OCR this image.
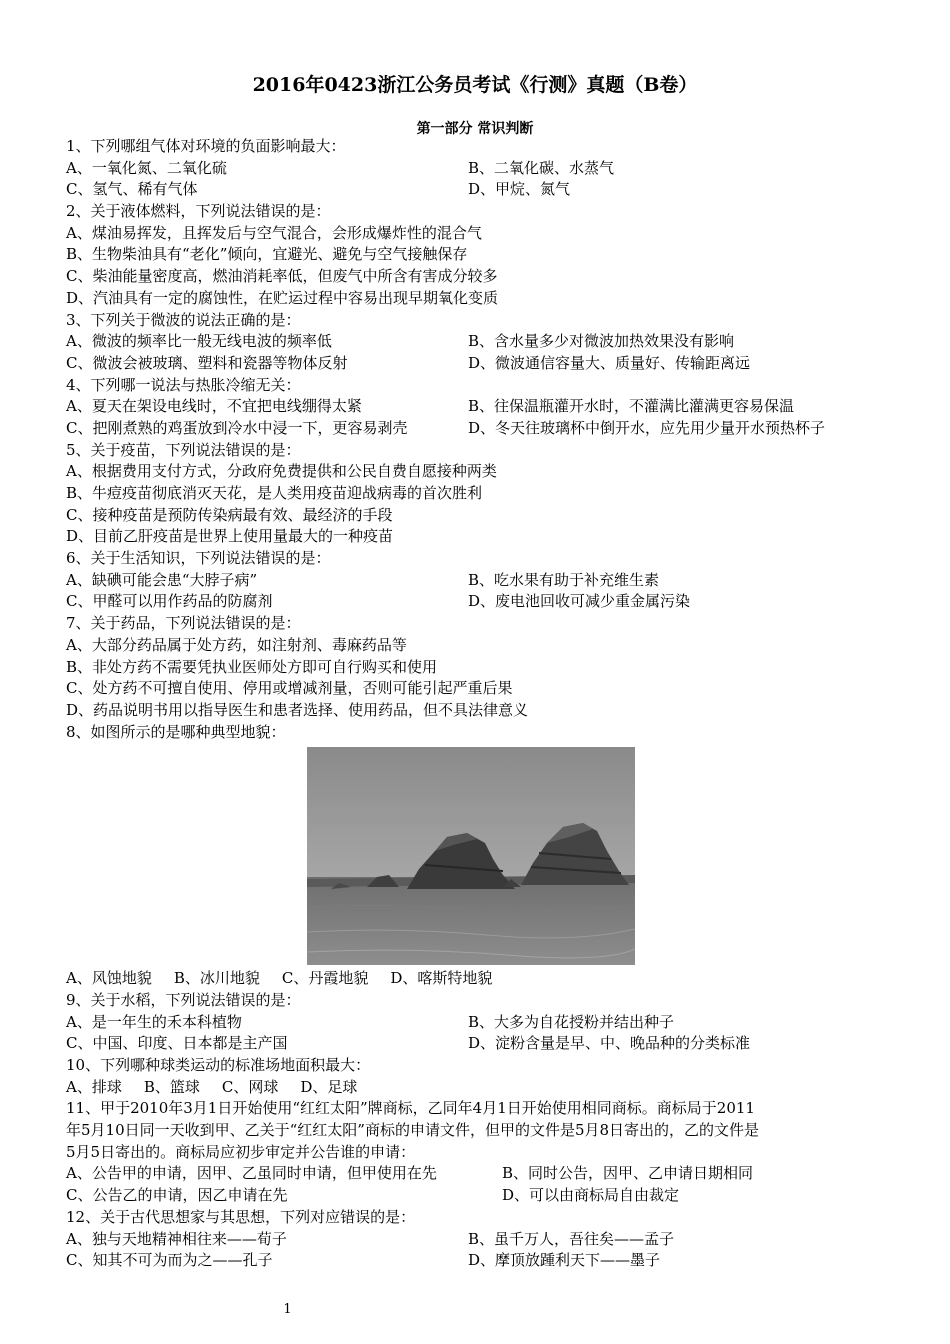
2016年0423浙江公务员考试《行测》真题（B卷）
第一部分 常识判断
1、下列哪组气体对环境的负面影响最大：
A、一氧化氮、二氧化硫	B、二氧化碳、水蒸气
C、氢气、稀有气体	D、甲烷、氮气
2、关于液体燃料，下列说法错误的是：
A、煤油易挥发，且挥发后与空气混合，会形成爆炸性的混合气
B、生物柴油具有“老化”倾向，宜避光、避免与空气接触保存
C、柴油能量密度高，燃油消耗率低，但废气中所含有害成分较多
D、汽油具有一定的腐蚀性，在贮运过程中容易出现早期氧化变质
3、下列关于微波的说法正确的是：
A、微波的频率比一般无线电波的频率低	B、含水量多少对微波加热效果没有影响
C、微波会被玻璃、塑料和瓷器等物体反射	D、微波通信容量大、质量好、传输距离远
4、下列哪一说法与热胀冷缩无关：
A、夏天在架设电线时，不宜把电线绷得太紧	B、往保温瓶灌开水时，不灌满比灌满更容易保温
C、把刚煮熟的鸡蛋放到冷水中浸一下，更容易剥壳	D、冬天往玻璃杯中倒开水，应先用少量开水预热杯子
5、关于疫苗，下列说法错误的是：
A、根据费用支付方式，分政府免费提供和公民自费自愿接种两类
B、牛痘疫苗彻底消灭天花，是人类用疫苗迎战病毒的首次胜利
C、接种疫苗是预防传染病最有效、最经济的手段
D、目前乙肝疫苗是世界上使用量最大的一种疫苗
6、关于生活知识，下列说法错误的是：
A、缺碘可能会患“大脖子病”	B、吃水果有助于补充维生素
C、甲醛可以用作药品的防腐剂	D、废电池回收可减少重金属污染
7、关于药品，下列说法错误的是：
A、大部分药品属于处方药，如注射剂、毒麻药品等
B、非处方药不需要凭执业医师处方即可自行购买和使用
C、处方药不可擅自使用、停用或增减剂量，否则可能引起严重后果
D、药品说明书用以指导医生和患者选择、使用药品，但不具法律意义
8、如图所示的是哪种典型地貌：
A、风蚀地貌 B、冰川地貌 C、丹霞地貌 D、喀斯特地貌
9、关于水稻，下列说法错误的是：
A、是一年生的禾本科植物	B、大多为自花授粉并结出种子
C、中国、印度、日本都是主产国	D、淀粉含量是早、中、晚品种的分类标准
10、下列哪种球类运动的标准场地面积最大：
A、排球 B、篮球 C、网球 D、足球
11、甲于2010年3月1日开始使用“红红太阳”牌商标，乙同年4月1日开始使用相同商标。商标局于2011
年5月10日同一天收到甲、乙关于“红红太阳”商标的申请文件，但甲的文件是5月8日寄出的，乙的文件是
5月5日寄出的。商标局应初步审定并公告谁的申请：
A、公告甲的申请，因甲、乙虽同时申请，但甲使用在先	B、同时公告，因甲、乙申请日期相同
C、公告乙的申请，因乙申请在先	D、可以由商标局自由裁定
12、关于古代思想家与其思想，下列对应错误的是：
A、独与天地精神相往来——荀子	B、虽千万人，吾往矣——孟子
C、知其不可为而为之——孔子	D、摩顶放踵利天下——墨子
1
